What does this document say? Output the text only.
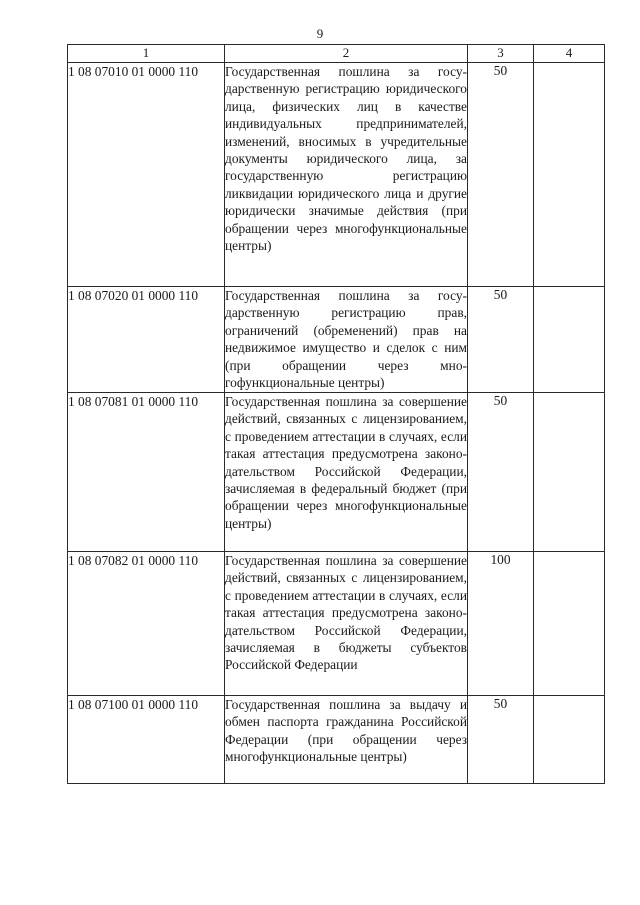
9
1	2	3	4
1 08 07010 01 0000 110	Государственная пошлина за государственную регистрацию юридического лица, физических лиц в качестве индивидуальных предпринимателей, изменений, вносимых в учредительные документы юридического лица, за государственную регистрацию ликвидации юридического лица и другие юридически значимые действия (при обращении через многофункциональные центры)	50	
1 08 07020 01 0000 110	Государственная пошлина за государственную регистрацию прав, ограничений (обременений) прав на недвижимое имущество и сделок с ним (при обращении через многофункциональные центры)	50	
1 08 07081 01 0000 110	Государственная пошлина за совершение действий, связанных с лицензированием, с проведением аттестации в случаях, если такая аттестация предусмотрена законодательством Российской Федерации, зачисляемая в федеральный бюджет (при обращении через многофункциональные центры)	50	
1 08 07082 01 0000 110	Государственная пошлина за совершение действий, связанных с лицензированием, с проведением аттестации в случаях, если такая аттестация предусмотрена законодательством Российской Федерации, зачисляемая в бюджеты субъектов Российской Федерации	100	
1 08 07100 01 0000 110	Государственная пошлина за выдачу и обмен паспорта гражданина Российской Федерации (при обращении через многофункциональные центры)	50	
